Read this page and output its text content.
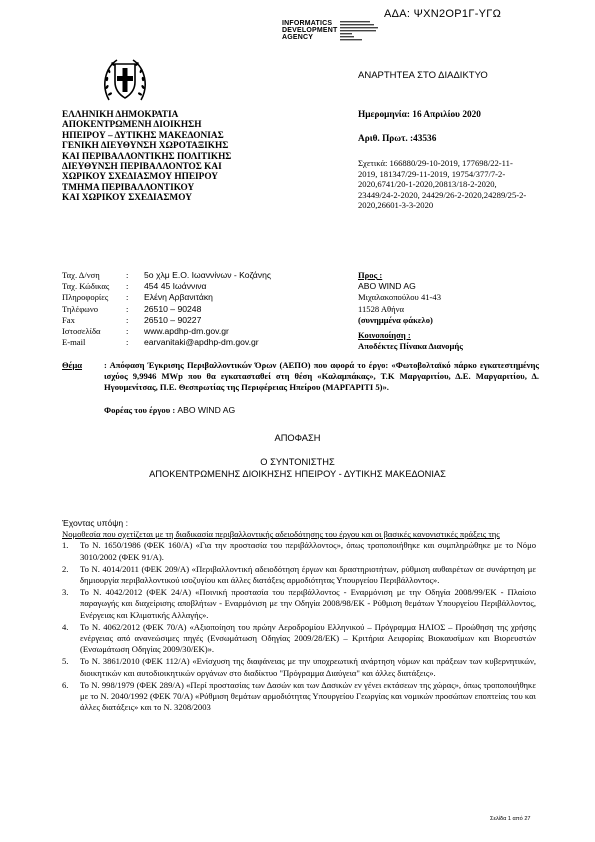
ΑΔΑ: ΨΧΝ2ΟΡ1Γ-ΥΓΩ
INFORMATICS
DEVELOPMENT
AGENCY
ΑΝΑΡΤΗΤΕΑ ΣΤΟ ΔΙΑΔΙΚΤΥΟ
ΕΛΛΗΝΙΚΗ ΔΗΜΟΚΡΑΤΙΑ
ΑΠΟΚΕΝΤΡΩΜΕΝΗ ΔΙΟΙΚΗΣΗ
ΗΠΕΙΡΟΥ – ΔΥΤΙΚΗΣ ΜΑΚΕΔΟΝΙΑΣ
ΓΕΝΙΚΗ ΔΙΕΥΘΥΝΣΗ ΧΩΡΟΤΑΞΙΚΗΣ
ΚΑΙ ΠΕΡΙΒΑΛΛΟΝΤΙΚΗΣ ΠΟΛΙΤΙΚΗΣ
ΔΙΕΥΘΥΝΣΗ ΠΕΡΙΒΑΛΛΟΝΤΟΣ ΚΑΙ
ΧΩΡΙΚΟΥ ΣΧΕΔΙΑΣΜΟΥ ΗΠΕΙΡΟΥ
ΤΜΗΜΑ ΠΕΡΙΒΑΛΛΟΝΤΙΚΟΥ
ΚΑΙ ΧΩΡΙΚΟΥ ΣΧΕΔΙΑΣΜΟΥ
Ημερομηνία: 16 Απριλίου 2020
Αριθ. Πρωτ. :43536
Σχετικά: 166880/29-10-2019, 177698/22-11-2019, 181347/29-11-2019, 19754/377/7-2-2020,6741/20-1-2020,20813/18-2-2020, 23449/24-2-2020, 24429/26-2-2020,24289/25-2-2020,26601-3-3-2020
Ταχ. Δ/νση	:	5ο χλμ Ε.Ο. Ιωαννίνων - Κοζάνης
Ταχ. Κώδικας	:	454 45 Ιωάννινα
Πληροφορίες	:	Ελένη Αρβανιτάκη
Τηλέφωνο	:	26510 – 90248
Fax	:	26510 – 90227
Ιστοσελίδα	:	www.apdhp-dm.gov.gr
E-mail	:	earvanitaki@apdhp-dm.gov.gr
Προς :
ABO WIND AG
Μιχαλακοπούλου 41-43
11528 Αθήνα
(συνημμένα φάκελο)
Κοινοποίηση :
Αποδέκτες Πίνακα Διανομής
Θέμα	: Απόφαση Έγκρισης Περιβαλλοντικών Όρων (ΑΕΠΟ) που αφορά το έργο: «Φωτοβολταϊκό πάρκο εγκατεστημένης ισχύος 9,9946 MWp που θα εγκατασταθεί στη θέση «Καλαμπάκας», Τ.Κ Μαργαριτίου, Δ.Ε. Μαργαριτίου, Δ. Ηγουμενίτσας, Π.Ε. Θεσπρωτίας της Περιφέρειας Ηπείρου (ΜΑΡΓΑΡΙΤΙ 5)».
Φορέας του έργου : ABO WIND AG
ΑΠΟΦΑΣΗ
Ο ΣΥΝΤΟΝΙΣΤΗΣ
ΑΠΟΚΕΝΤΡΩΜΕΝΗΣ ΔΙΟΙΚΗΣΗΣ ΗΠΕΙΡΟΥ - ΔΥΤΙΚΗΣ ΜΑΚΕΔΟΝΙΑΣ
Έχοντας υπόψη :
Νομοθεσία που σχετίζεται με τη διαδικασία περιβαλλοντικής αδειοδότησης του έργου και οι βασικές κανονιστικές πράξεις της
1. Το Ν. 1650/1986 (ΦΕΚ 160/Α) «Για την προστασία του περιβάλλοντος», όπως τροποποιήθηκε και συμπληρώθηκε με το Νόμο 3010/2002 (ΦΕΚ 91/Α).
2. Το Ν. 4014/2011 (ΦΕΚ 209/Α) «Περιβαλλοντική αδειοδότηση έργων και δραστηριοτήτων, ρύθμιση αυθαιρέτων σε συνάρτηση με δημιουργία περιβαλλοντικού ισοζυγίου και άλλες διατάξεις αρμοδιότητας Υπουργείου Περιβάλλοντος».
3. Το Ν. 4042/2012 (ΦΕΚ 24/Α) «Ποινική προστασία του περιβάλλοντος - Εναρμόνιση με την Οδηγία 2008/99/ΕΚ - Πλαίσιο παραγωγής και διαχείρισης αποβλήτων - Εναρμόνιση με την Οδηγία 2008/98/ΕΚ - Ρύθμιση θεμάτων Υπουργείου Περιβάλλοντος, Ενέργειας και Κλιματικής Αλλαγής».
4. Το Ν. 4062/2012 (ΦΕΚ 70/Α) «Αξιοποίηση του πρώην Αεροδρομίου Ελληνικού – Πρόγραμμα ΗΛΙΟΣ – Προώθηση της χρήσης ενέργειας από ανανεώσιμες πηγές (Ενσωμάτωση Οδηγίας 2009/28/ΕΚ) – Κριτήρια Αειφορίας Βιοκαυσίμων και Βιορευστών (Ενσωμάτωση Οδηγίας 2009/30/ΕΚ)».
5. Το Ν. 3861/2010 (ΦΕΚ 112/Α) «Ενίσχυση της διαφάνειας με την υποχρεωτική ανάρτηση νόμων και πράξεων των κυβερνητικών, διοικητικών και αυτοδιοικητικών οργάνων στο διαδίκτυο "Πρόγραμμα Διαύγεια" και άλλες διατάξεις».
6. Το Ν. 998/1979 (ΦΕΚ 289/Α) «Περί προστασίας των Δασών και των Δασικών εν γένει εκτάσεων της χώρας», όπως τροποποιήθηκε με το Ν. 2040/1992 (ΦΕΚ 70/Α) «Ρύθμιση θεμάτων αρμοδιότητας Υπουργείου Γεωργίας και νομικών προσώπων εποπτείας του και άλλες διατάξεις» και το Ν. 3208/2003
Σελίδα 1 από 27
